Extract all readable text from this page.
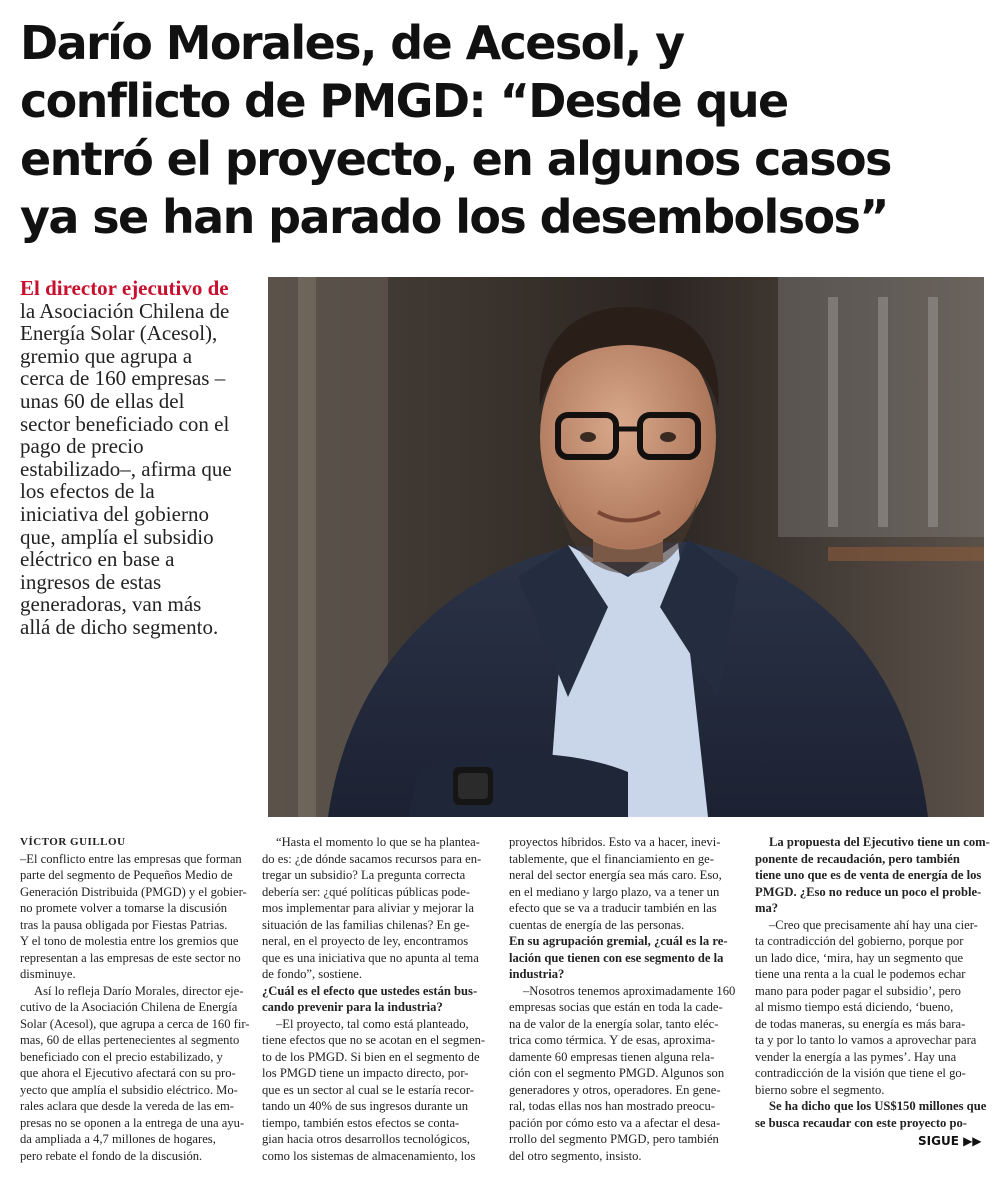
Darío Morales, de Acesol, y
conflicto de PMGD: “Desde que
entró el proyecto, en algunos casos
ya se han parado los desembolsos”
El director ejecutivo de
la Asociación Chilena de
Energía Solar (Acesol),
gremio que agrupa a
cerca de 160 empresas –
unas 60 de ellas del
sector beneficiado con el
pago de precio
estabilizado–, afirma que
los efectos de la
iniciativa del gobierno
que, amplía el subsidio
eléctrico en base a
ingresos de estas
generadoras, van más
allá de dicho segmento.
VÍCTOR GUILLOU
–El conflicto entre las empresas que forman
parte del segmento de Pequeños Medio de
Generación Distribuida (PMGD) y el gobier-
no promete volver a tomarse la discusión
tras la pausa obligada por Fiestas Patrias.
Y el tono de molestia entre los gremios que
representan a las empresas de este sector no
disminuye.
Así lo refleja Darío Morales, director eje-
cutivo de la Asociación Chilena de Energía
Solar (Acesol), que agrupa a cerca de 160 fir-
mas, 60 de ellas pertenecientes al segmento
beneficiado con el precio estabilizado, y
que ahora el Ejecutivo afectará con su pro-
yecto que amplía el subsidio eléctrico. Mo-
rales aclara que desde la vereda de las em-
presas no se oponen a la entrega de una ayu-
da ampliada a 4,7 millones de hogares,
pero rebate el fondo de la discusión.
“Hasta el momento lo que se ha plantea-
do es: ¿de dónde sacamos recursos para en-
tregar un subsidio? La pregunta correcta
debería ser: ¿qué políticas públicas pode-
mos implementar para aliviar y mejorar la
situación de las familias chilenas? En ge-
neral, en el proyecto de ley, encontramos
que es una iniciativa que no apunta al tema
de fondo”, sostiene.
¿Cuál es el efecto que ustedes están bus-
cando prevenir para la industria?
–El proyecto, tal como está planteado,
tiene efectos que no se acotan en el segmen-
to de los PMGD. Si bien en el segmento de
los PMGD tiene un impacto directo, por-
que es un sector al cual se le estaría recor-
tando un 40% de sus ingresos durante un
tiempo, también estos efectos se conta-
gian hacia otros desarrollos tecnológicos,
como los sistemas de almacenamiento, los
proyectos híbridos. Esto va a hacer, inevi-
tablemente, que el financiamiento en ge-
neral del sector energía sea más caro. Eso,
en el mediano y largo plazo, va a tener un
efecto que se va a traducir también en las
cuentas de energía de las personas.
En su agrupación gremial, ¿cuál es la re-
lación que tienen con ese segmento de la
industria?
–Nosotros tenemos aproximadamente 160
empresas socias que están en toda la cade-
na de valor de la energía solar, tanto eléc-
trica como térmica. Y de esas, aproxima-
damente 60 empresas tienen alguna rela-
ción con el segmento PMGD. Algunos son
generadores y otros, operadores. En gene-
ral, todas ellas nos han mostrado preocu-
pación por cómo esto va a afectar el desa-
rrollo del segmento PMGD, pero también
del otro segmento, insisto.
La propuesta del Ejecutivo tiene un com-
ponente de recaudación, pero también
tiene uno que es de venta de energía de los
PMGD. ¿Eso no reduce un poco el proble-
ma?
–Creo que precisamente ahí hay una cier-
ta contradicción del gobierno, porque por
un lado dice, ‘mira, hay un segmento que
tiene una renta a la cual le podemos echar
mano para poder pagar el subsidio’, pero
al mismo tiempo está diciendo, ‘bueno,
de todas maneras, su energía es más bara-
ta y por lo tanto lo vamos a aprovechar para
vender la energía a las pymes’. Hay una
contradicción de la visión que tiene el go-
bierno sobre el segmento.
Se ha dicho que los US$150 millones que
se busca recaudar con este proyecto po-
SIGUE ▶▶
